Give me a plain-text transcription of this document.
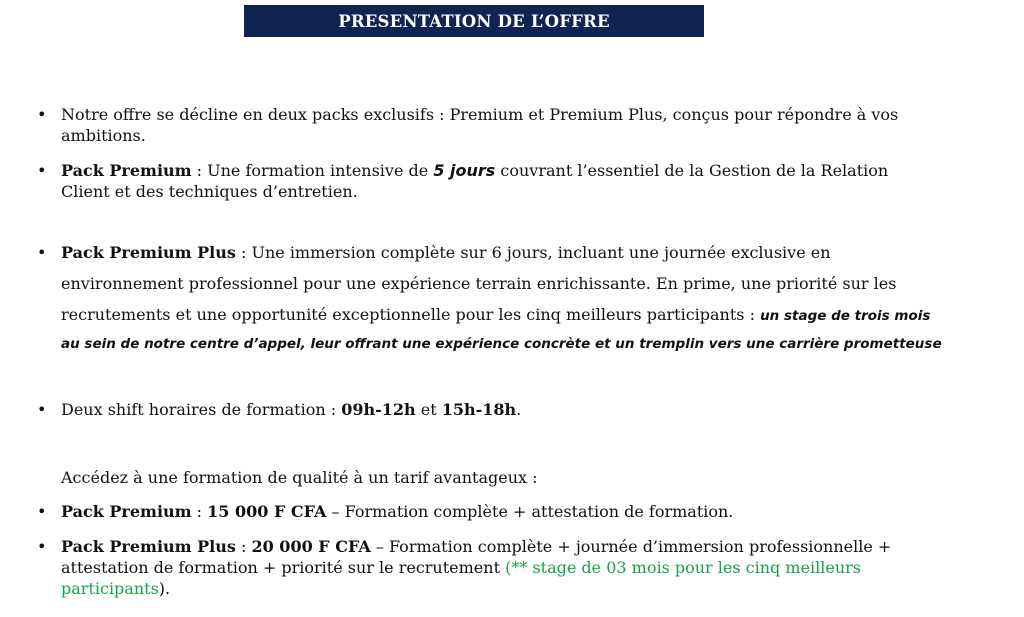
PRESENTATION DE L’OFFRE
• Notre offre se décline en deux packs exclusifs : Premium et Premium Plus, conçus pour répondre à vos
ambitions.
• Pack Premium : Une formation intensive de 5 jours couvrant l’essentiel de la Gestion de la Relation
Client et des techniques d’entretien.
• Pack Premium Plus : Une immersion complète sur 6 jours, incluant une journée exclusive en
environnement professionnel pour une expérience terrain enrichissante. En prime, une priorité sur les
recrutements et une opportunité exceptionnelle pour les cinq meilleurs participants : un stage de trois mois
au sein de notre centre d’appel, leur offrant une expérience concrète et un tremplin vers une carrière prometteuse
• Deux shift horaires de formation : 09h-12h et 15h-18h.
Accédez à une formation de qualité à un tarif avantageux :
• Pack Premium : 15 000 F CFA – Formation complète + attestation de formation.
• Pack Premium Plus : 20 000 F CFA – Formation complète + journée d’immersion professionnelle +
attestation de formation + priorité sur le recrutement (** stage de 03 mois pour les cinq meilleurs
participants).
